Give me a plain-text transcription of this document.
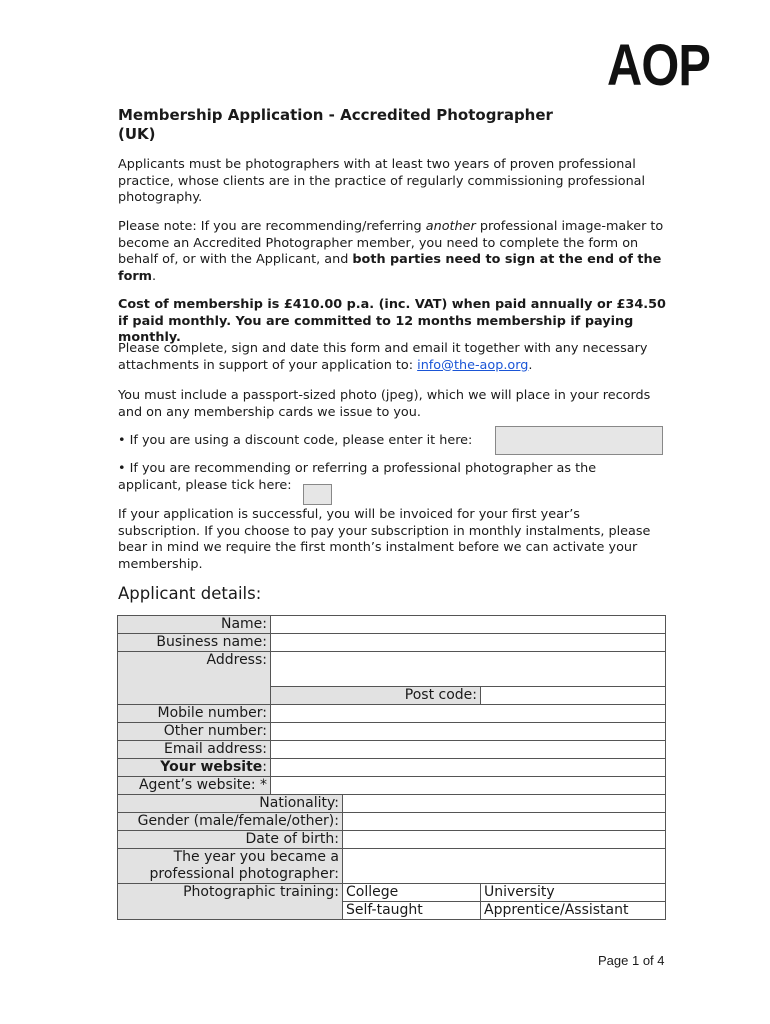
AOP
Membership Application - Accredited Photographer (UK)

Applicants must be photographers with at least two years of proven professional practice, whose clients are in the practice of regularly commissioning professional photography.

Please note: If you are recommending/referring another professional image-maker to become an Accredited Photographer member, you need to complete the form on behalf of, or with the Applicant, and both parties need to sign at the end of the form.

Cost of membership is £410.00 p.a. (inc. VAT) when paid annually or £34.50 if paid monthly. You are committed to 12 months membership if paying monthly.

Please complete, sign and date this form and email it together with any necessary attachments in support of your application to: info@the-aop.org.

You must include a passport-sized photo (jpeg), which we will place in your records and on any membership cards we issue to you.

• If you are using a discount code, please enter it here:

• If you are recommending or referring a professional photographer as the applicant, please tick here:

If your application is successful, you will be invoiced for your first year’s subscription. If you choose to pay your subscription in monthly instalments, please bear in mind we require the first month’s instalment before we can activate your membership.

Applicant details:
Name:			
Business name:			
Address:			
	Post code:		
Mobile number:			
Other number:			
Email address:			
Your website:			
Agent’s website: *			
Nationality:			
Gender (male/female/other):			
Date of birth:			
The year you became a professional photographer:			
Photographic training:		College	University
		Self-taught	Apprentice/Assistant
Page 1 of 4
